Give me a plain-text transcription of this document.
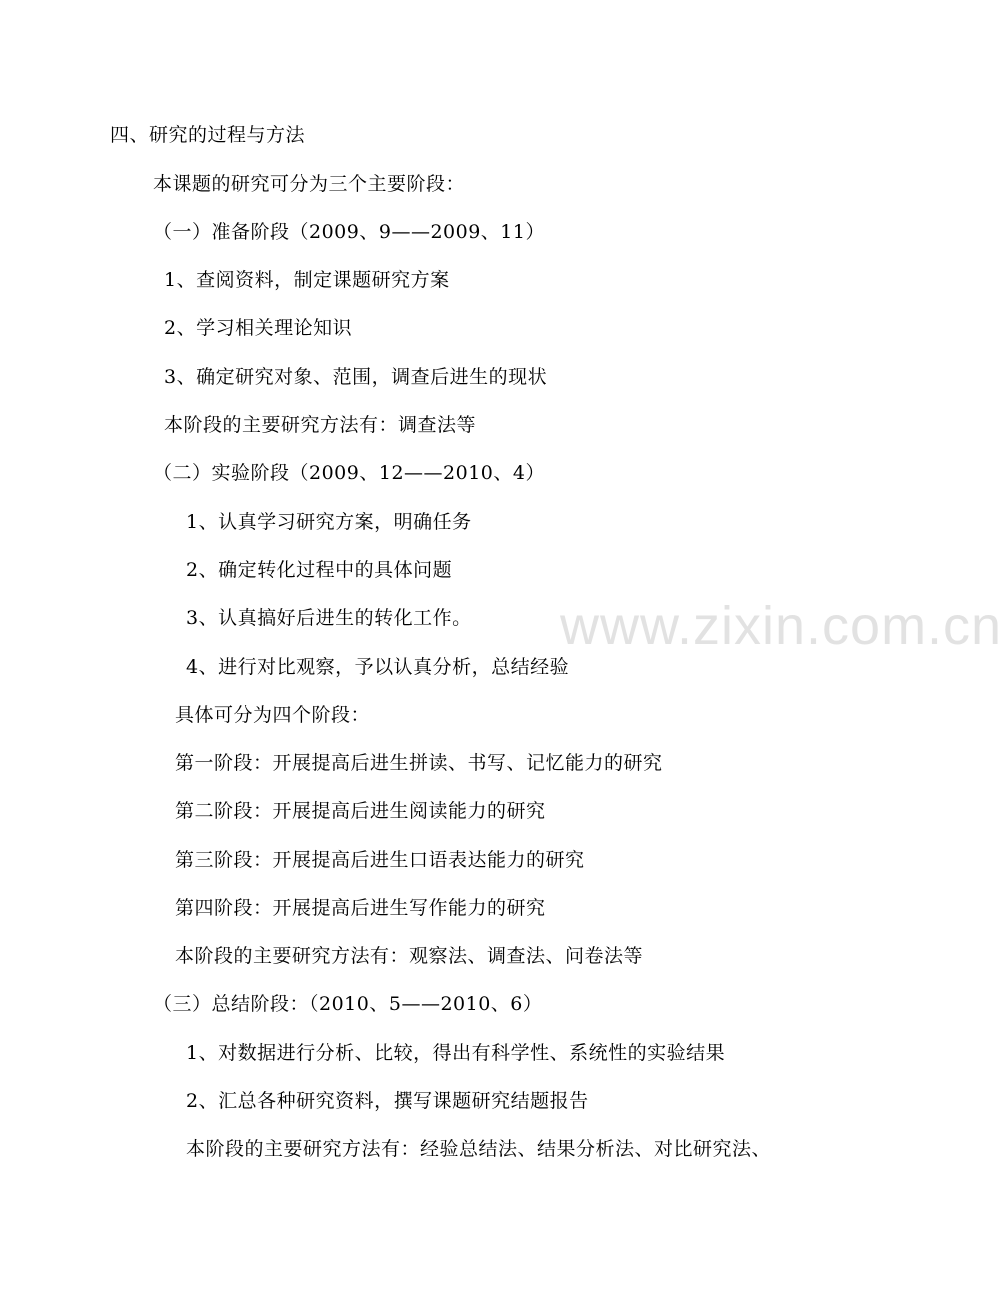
www.zixin.com.cn
四、研究的过程与方法
本课题的研究可分为三个主要阶段：
（一）准备阶段（2009、9——2009、11）
1、查阅资料，制定课题研究方案
2、学习相关理论知识
3、确定研究对象、范围，调查后进生的现状
本阶段的主要研究方法有：调查法等
（二）实验阶段（2009、12——2010、4）
1、认真学习研究方案，明确任务
2、确定转化过程中的具体问题
3、认真搞好后进生的转化工作。
4、进行对比观察，予以认真分析，总结经验
具体可分为四个阶段：
第一阶段：开展提高后进生拼读、书写、记忆能力的研究
第二阶段：开展提高后进生阅读能力的研究
第三阶段：开展提高后进生口语表达能力的研究
第四阶段：开展提高后进生写作能力的研究
本阶段的主要研究方法有：观察法、调查法、问卷法等
（三）总结阶段：（2010、5——2010、6）
1、对数据进行分析、比较，得出有科学性、系统性的实验结果
2、汇总各种研究资料，撰写课题研究结题报告
本阶段的主要研究方法有：经验总结法、结果分析法、对比研究法、
